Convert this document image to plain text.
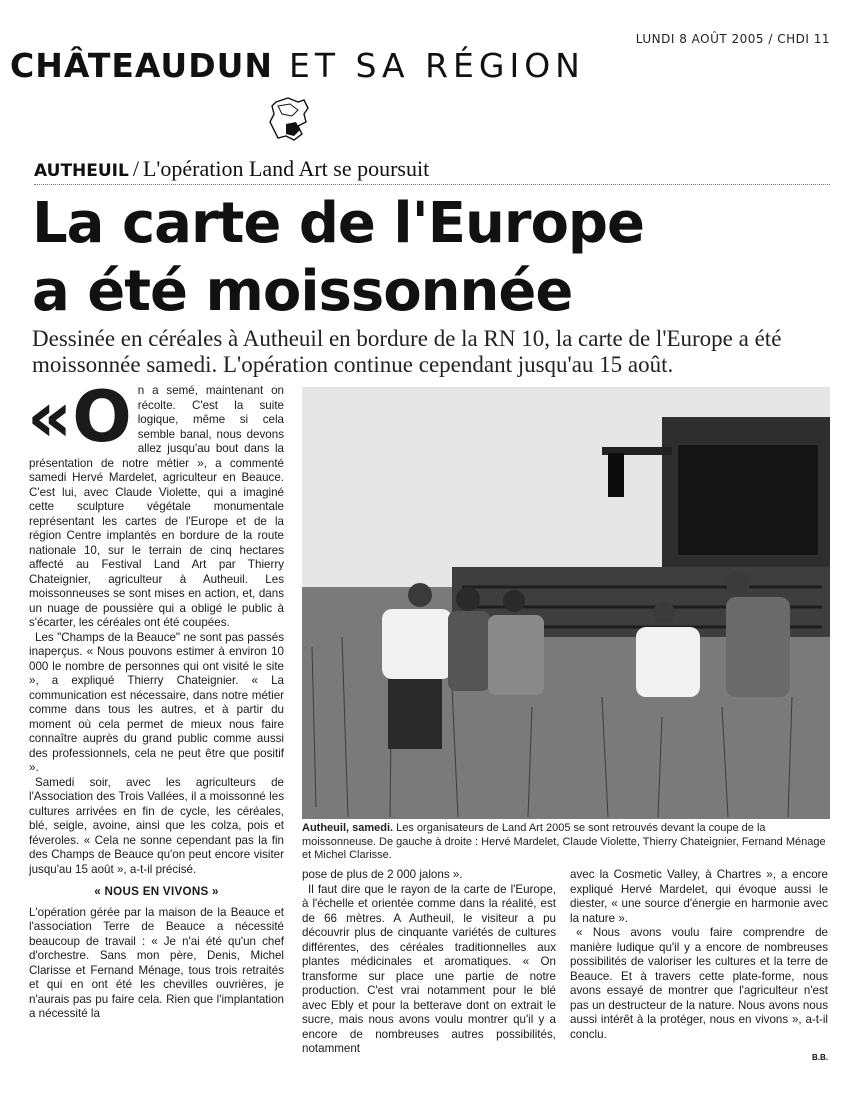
LUNDI 8 AOÛT 2005 / CHDI 11
CHÂTEAUDUN ET SA RÉGION
AUTHEUIL / L'opération Land Art se poursuit
La carte de l'Europe
a été moissonnée
Dessinée en céréales à Autheuil en bordure de la RN 10, la carte de l'Europe a été moissonnée samedi. L'opération continue cependant jusqu'au 15 août.

«On a semé, maintenant on récolte. C'est la suite logique, même si cela semble banal, nous devons allez jusqu'au bout dans la présentation de notre métier », a commenté samedi Hervé Mardelet, agriculteur en Beauce. C'est lui, avec Claude Violette, qui a imaginé cette sculpture végétale monumentale représentant les cartes de l'Europe et de la région Centre implantés en bordure de la route nationale 10, sur le terrain de cinq hectares affecté au Festival Land Art par Thierry Chateignier, agriculteur à Autheuil. Les moissonneuses se sont mises en action, et, dans un nuage de poussière qui a obligé le public à s'écarter, les céréales ont été coupées.

Les "Champs de la Beauce" ne sont pas passés inaperçus. « Nous pouvons estimer à environ 10 000 le nombre de personnes qui ont visité le site », a expliqué Thierry Chateignier. « La communication est nécessaire, dans notre métier comme dans tous les autres, et à partir du moment où cela permet de mieux nous faire connaître auprès du grand public comme aussi des professionnels, cela ne peut être que positif ».

Samedi soir, avec les agriculteurs de l'Association des Trois Vallées, il a moissonné les cultures arrivées en fin de cycle, les céréales, blé, seigle, avoine, ainsi que les colza, pois et féveroles. « Cela ne sonne cependant pas la fin des Champs de Beauce qu'on peut encore visiter jusqu'au 15 août », a-t-il précisé.

« NOUS EN VIVONS »

L'opération gérée par la maison de la Beauce et l'association Terre de Beauce a nécessité beaucoup de travail : « Je n'ai été qu'un chef d'orchestre. Sans mon père, Denis, Michel Clarisse et Fernand Ménage, tous trois retraités et qui en ont été les chevilles ouvrières, je n'aurais pas pu faire cela. Rien que l'implantation a nécessité la

Autheuil, samedi. Les organisateurs de Land Art 2005 se sont retrouvés devant la coupe de la moissonneuse. De gauche à droite : Hervé Mardelet, Claude Violette, Thierry Chateignier, Fernand Ménage et Michel Clarisse.

pose de plus de 2 000 jalons ».

Il faut dire que le rayon de la carte de l'Europe, à l'échelle et orientée comme dans la réalité, est de 66 mètres. A Autheuil, le visiteur a pu découvrir plus de cinquante variétés de cultures différentes, des céréales traditionnelles aux plantes médicinales et aromatiques. « On transforme sur place une partie de notre production. C'est vrai notamment pour le blé avec Ebly et pour la betterave dont on extrait le sucre, mais nous avons voulu montrer qu'il y a encore de nombreuses autres possibilités, notamment

avec la Cosmetic Valley, à Chartres », a encore expliqué Hervé Mardelet, qui évoque aussi le diester, « une source d'énergie en harmonie avec la nature ».

« Nous avons voulu faire comprendre de manière ludique qu'il y a encore de nombreuses possibilités de valoriser les cultures et la terre de Beauce. Et à travers cette plate-forme, nous avons essayé de montrer que l'agriculteur n'est pas un destructeur de la nature. Nous avons nous aussi intérêt à la protéger, nous en vivons », a-t-il conclu.

B.B.
